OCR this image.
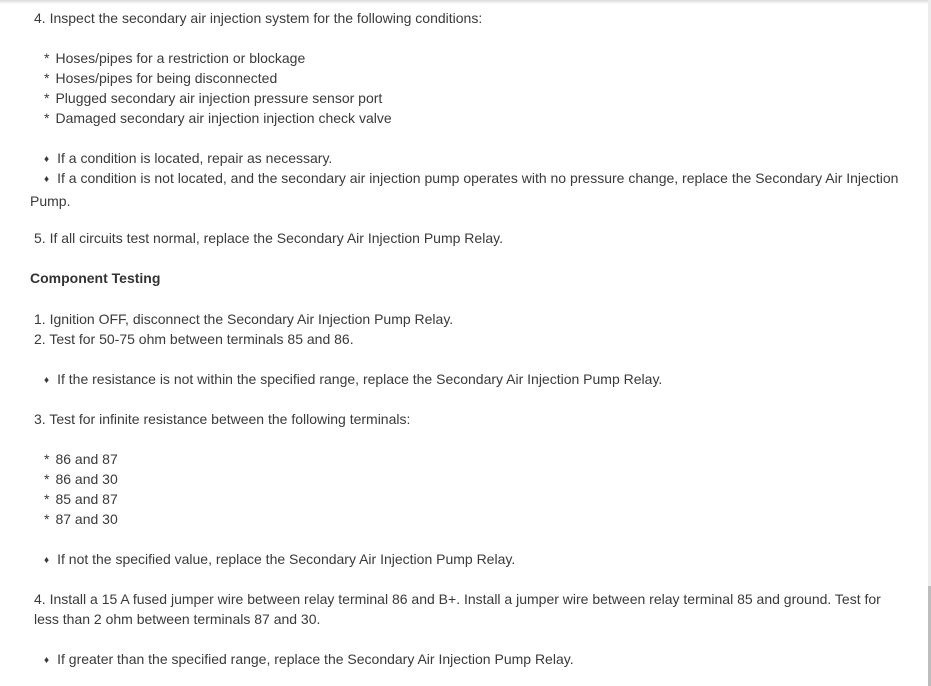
4. Inspect the secondary air injection system for the following conditions:
* Hoses/pipes for a restriction or blockage
* Hoses/pipes for being disconnected
* Plugged secondary air injection pressure sensor port
* Damaged secondary air injection injection check valve
♦ If a condition is located, repair as necessary.
♦ If a condition is not located, and the secondary air injection pump operates with no pressure change, replace the Secondary Air Injection Pump.
5. If all circuits test normal, replace the Secondary Air Injection Pump Relay.
Component Testing
1. Ignition OFF, disconnect the Secondary Air Injection Pump Relay.
2. Test for 50-75 ohm between terminals 85 and 86.
♦ If the resistance is not within the specified range, replace the Secondary Air Injection Pump Relay.
3. Test for infinite resistance between the following terminals:
* 86 and 87
* 86 and 30
* 85 and 87
* 87 and 30
♦ If not the specified value, replace the Secondary Air Injection Pump Relay.
4. Install a 15 A fused jumper wire between relay terminal 86 and B+. Install a jumper wire between relay terminal 85 and ground. Test for less than 2 ohm between terminals 87 and 30.
♦ If greater than the specified range, replace the Secondary Air Injection Pump Relay.
